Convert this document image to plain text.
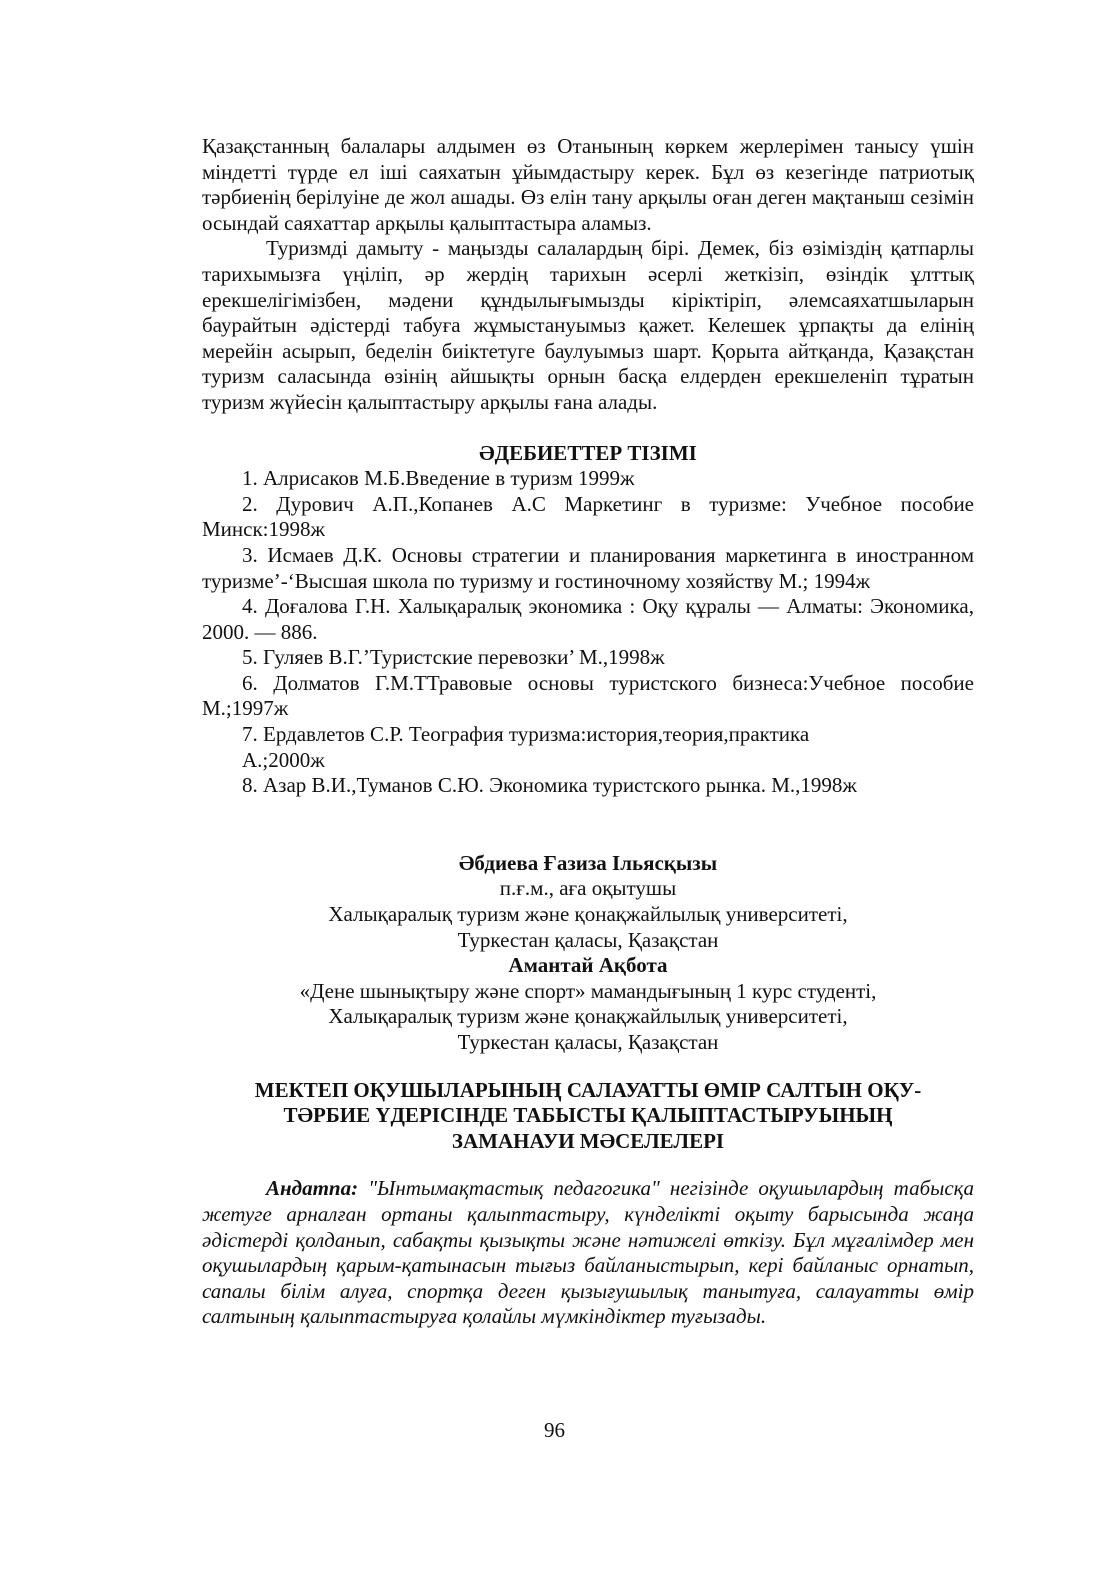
Қазақстанның балалары алдымен өз Отанының көркем жерлерімен танысу үшін міндетті түрде ел іші саяхатын ұйымдастыру керек. Бұл өз кезегінде патриотық тәрбиенің берілуіне де жол ашады. Өз елін тану арқылы оған деген мақтаныш сезімін осындай саяхаттар арқылы қалыптастыра аламыз.

Туризмді дамыту - маңызды салалардың бірі. Демек, біз өзіміздің қатпарлы тарихымызға үңіліп, әр жердің тарихын әсерлі жеткізіп, өзіндік ұлттық ерекшелігімізбен, мәдени құндылығымызды кіріктіріп, әлемсаяхатшыларын баурайтын әдістерді табуға жұмыстануымыз қажет. Келешек ұрпақты да елінің мерейін асырып, беделін биіктетуге баулуымыз шарт. Қорыта айтқанда, Қазақстан туризм саласында өзінің айшықты орнын басқа елдерден ерекшеленіп тұратын туризм жүйесін қалыптастыру арқылы ғана алады.

ӘДЕБИЕТТЕР ТІЗІМІ

1. Алрисаков М.Б.Введение в туризм 1999ж

2. Дурович А.П.,Копанев А.С Маркетинг в туризме: Учебное пособие Минск:1998ж

3. Исмаев Д.К. Основы стратегии и планирования маркетинга в иностранном туризме’-‘Высшая школа по туризму и гостиночному хозяйству М.; 1994ж

4. Доғалова Г.Н. Халықаралық экономика : Оқу құралы — Алматы: Экономика, 2000. — 886.

5. Гуляев В.Г.’Туристские перевозки’ М.,1998ж

6. Долматов Г.М.ТТравовые основы туристского бизнеса:Учебное пособие М.;1997ж

7. Ердавлетов С.Р. Теография туризма:история,теория,практика

А.;2000ж

8. Азар В.И.,Туманов С.Ю. Экономика туристского рынка. М.,1998ж

Әбдиева Ғазиза Ільясқызы

п.ғ.м., аға оқытушы

Халықаралық туризм және қонақжайлылық университеті,

Туркестан қаласы, Қазақстан

Амантай Ақбота

«Дене шынықтыру және спорт» мамандығының 1 курс студенті,

Халықаралық туризм және қонақжайлылық университеті,

Туркестан қаласы, Қазақстан

МЕКТЕП ОҚУШЫЛАРЫНЫҢ САЛАУАТТЫ ӨМІР САЛТЫН ОҚУ-
ТӘРБИЕ ҮДЕРІСІНДЕ ТАБЫСТЫ ҚАЛЫПТАСТЫРУЫНЫҢ
ЗАМАНАУИ МӘСЕЛЕЛЕРІ

Андатпа: "Ынтымақтастық педагогика" негізінде оқушылардың табысқа жетуге арналған ортаны қалыптастыру, күнделікті оқыту барысында жаңа әдістерді қолданып, сабақты қызықты және нәтижелі өткізу. Бұл мұғалімдер мен оқушылардың қарым-қатынасын тығыз байланыстырып, кері байланыс орнатып, сапалы білім алуға, спортқа деген қызығушылық танытуға, салауатты өмір салтының қалыптастыруға қолайлы мүмкіндіктер туғызады.

96
